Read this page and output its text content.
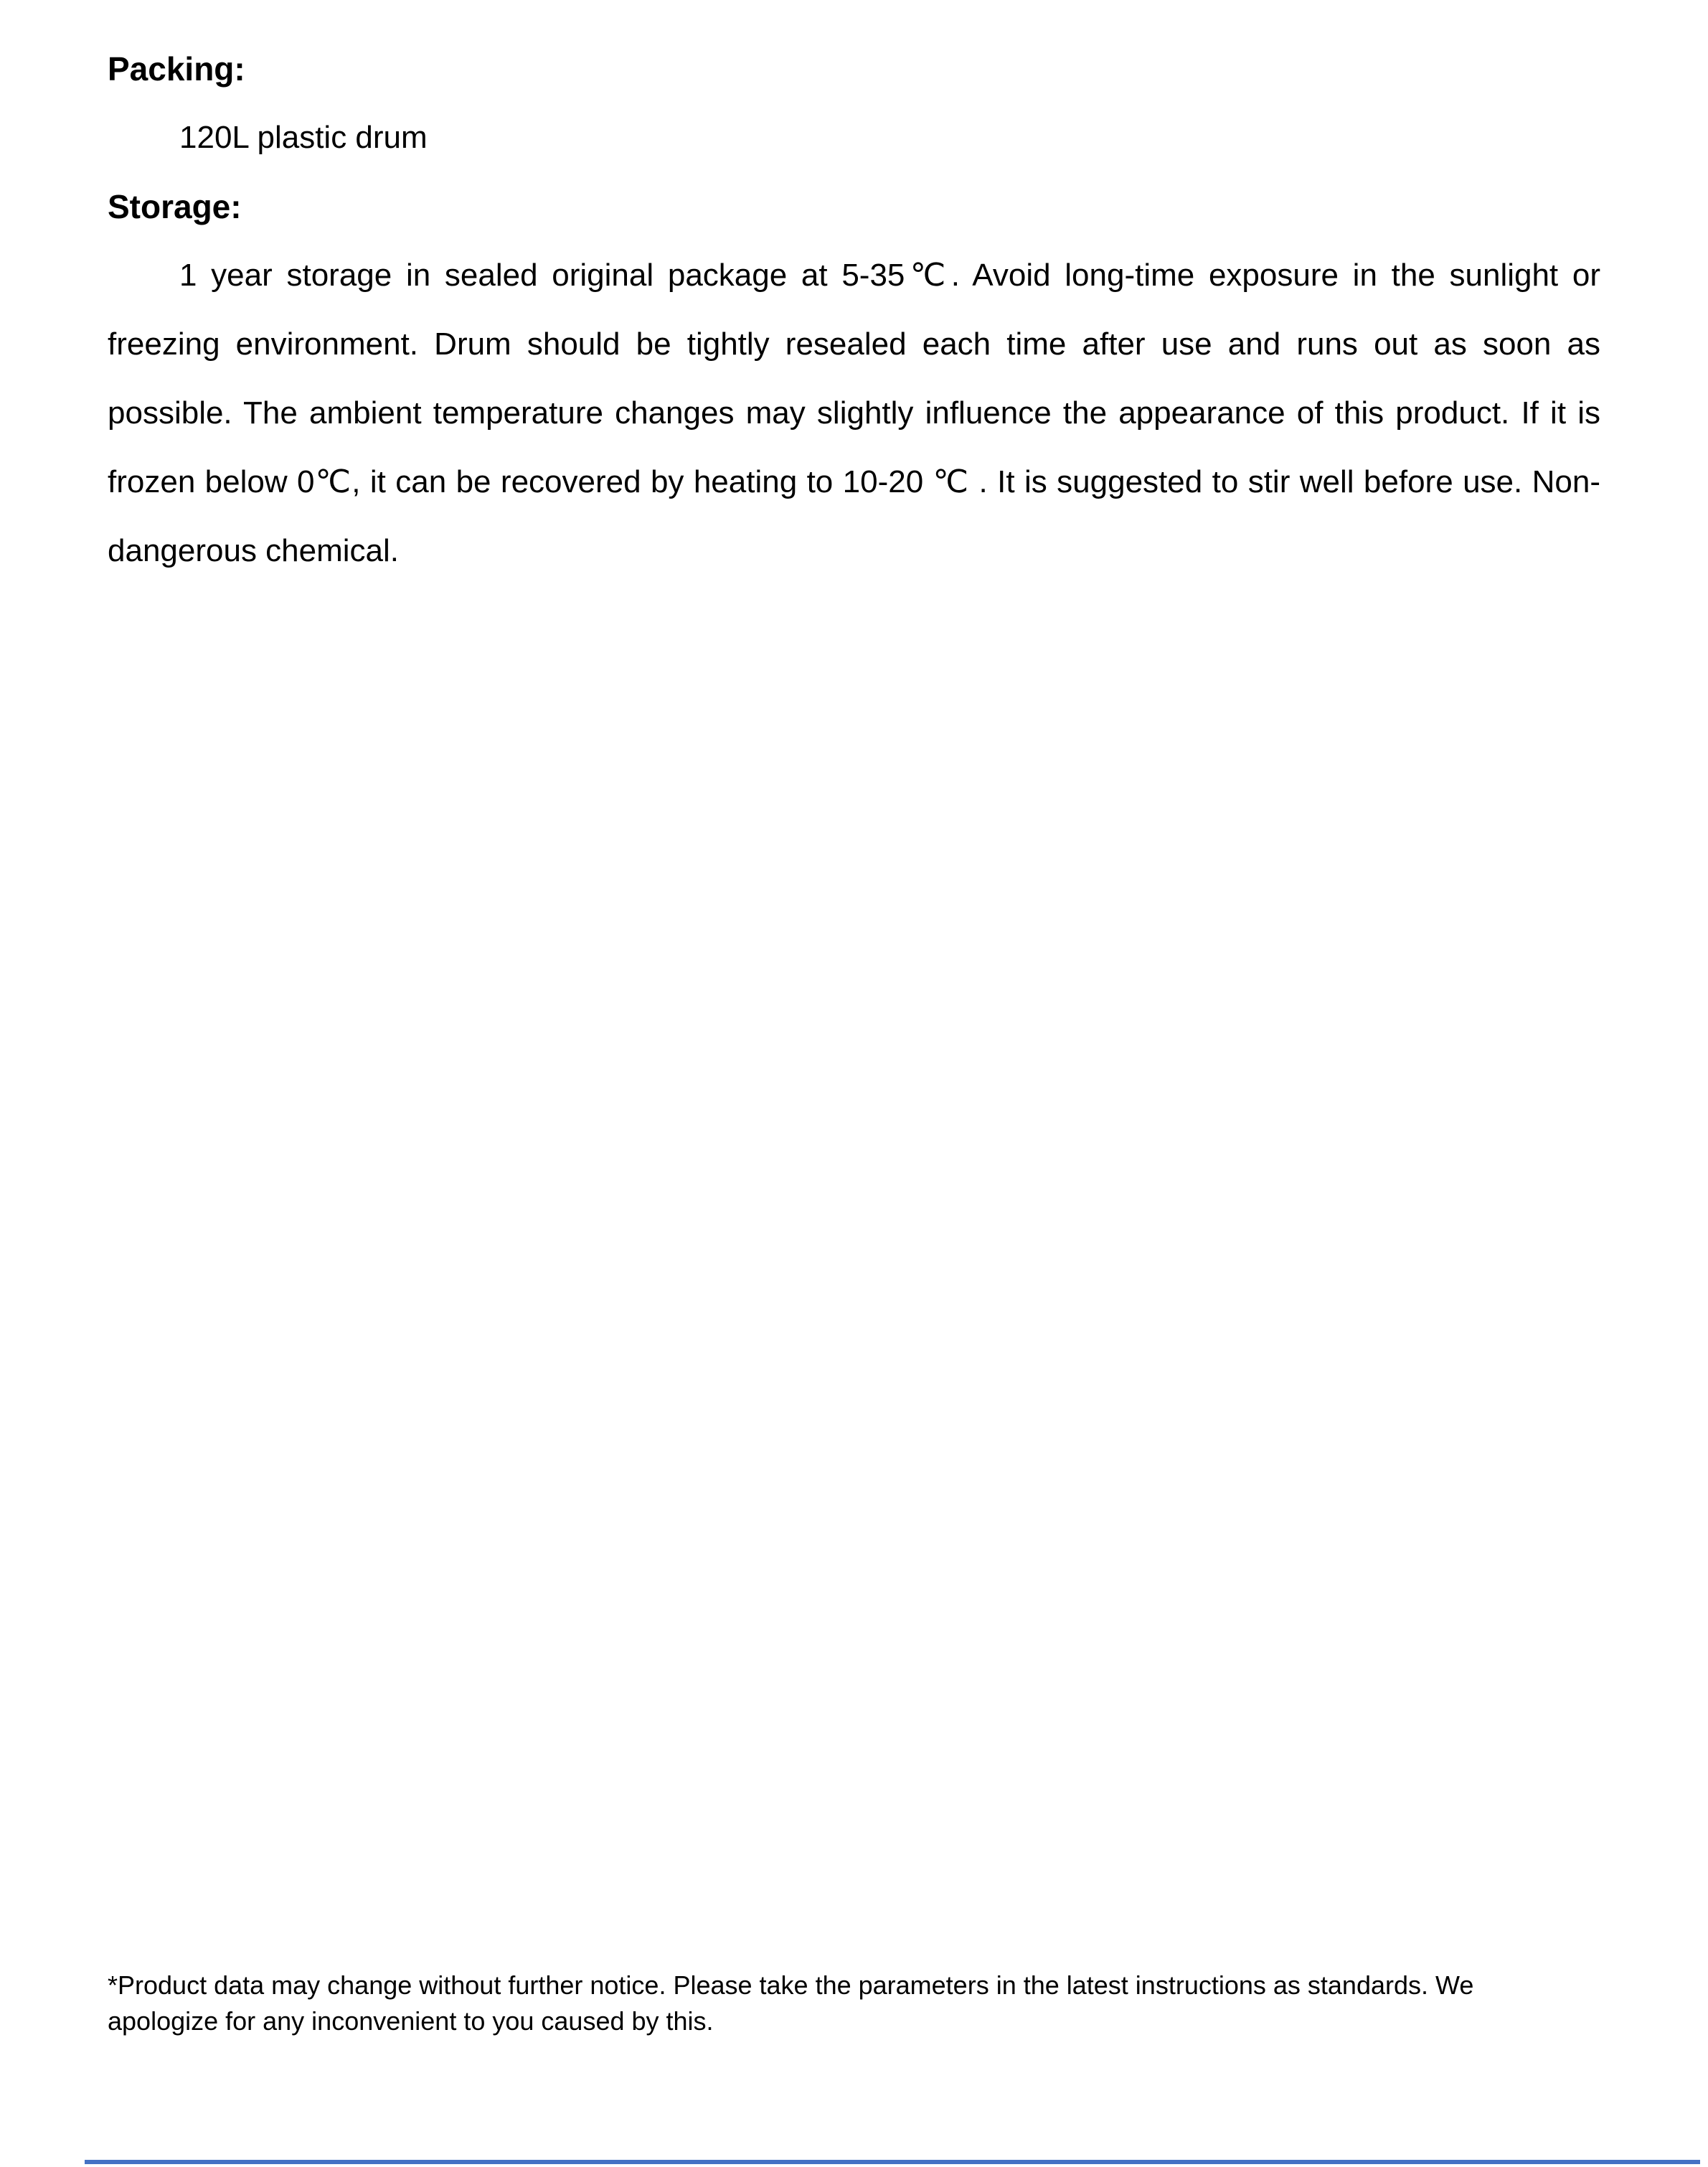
Packing:
120L plastic drum
Storage:
1 year storage in sealed original package at 5-35℃. Avoid long-time exposure in the sunlight or freezing environment. Drum should be tightly resealed each time after use and runs out as soon as possible. The ambient temperature changes may slightly influence the appearance of this product. If it is frozen below 0℃, it can be recovered by heating to 10-20 ℃ . It is suggested to stir well before use. Non-dangerous chemical.
*Product data may change without further notice. Please take the parameters in the latest instructions as standards. We apologize for any inconvenient to you caused by this.
